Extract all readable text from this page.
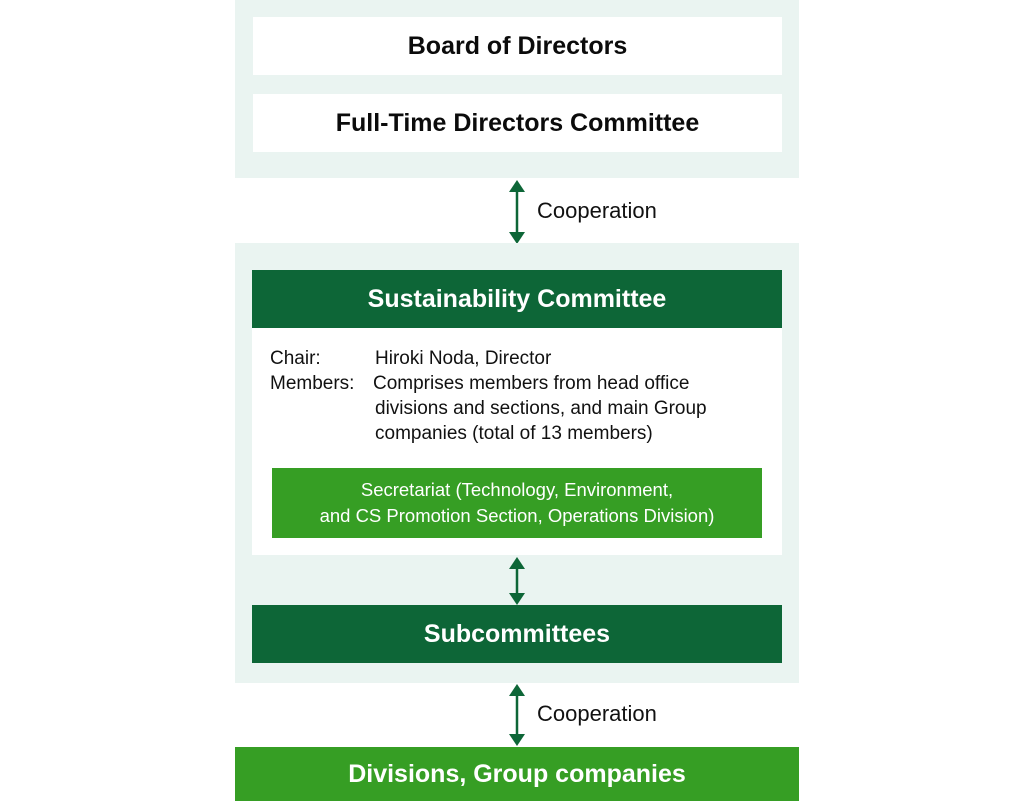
Board of Directors
Full-Time Directors Committee
Cooperation
Sustainability Committee
Chair:	Hiroki Noda, Director
Members: Comprises members from head office
divisions and sections, and main Group
companies (total of 13 members)
Secretariat (Technology, Environment,
and CS Promotion Section, Operations Division)
Subcommittees
Cooperation
Divisions, Group companies
